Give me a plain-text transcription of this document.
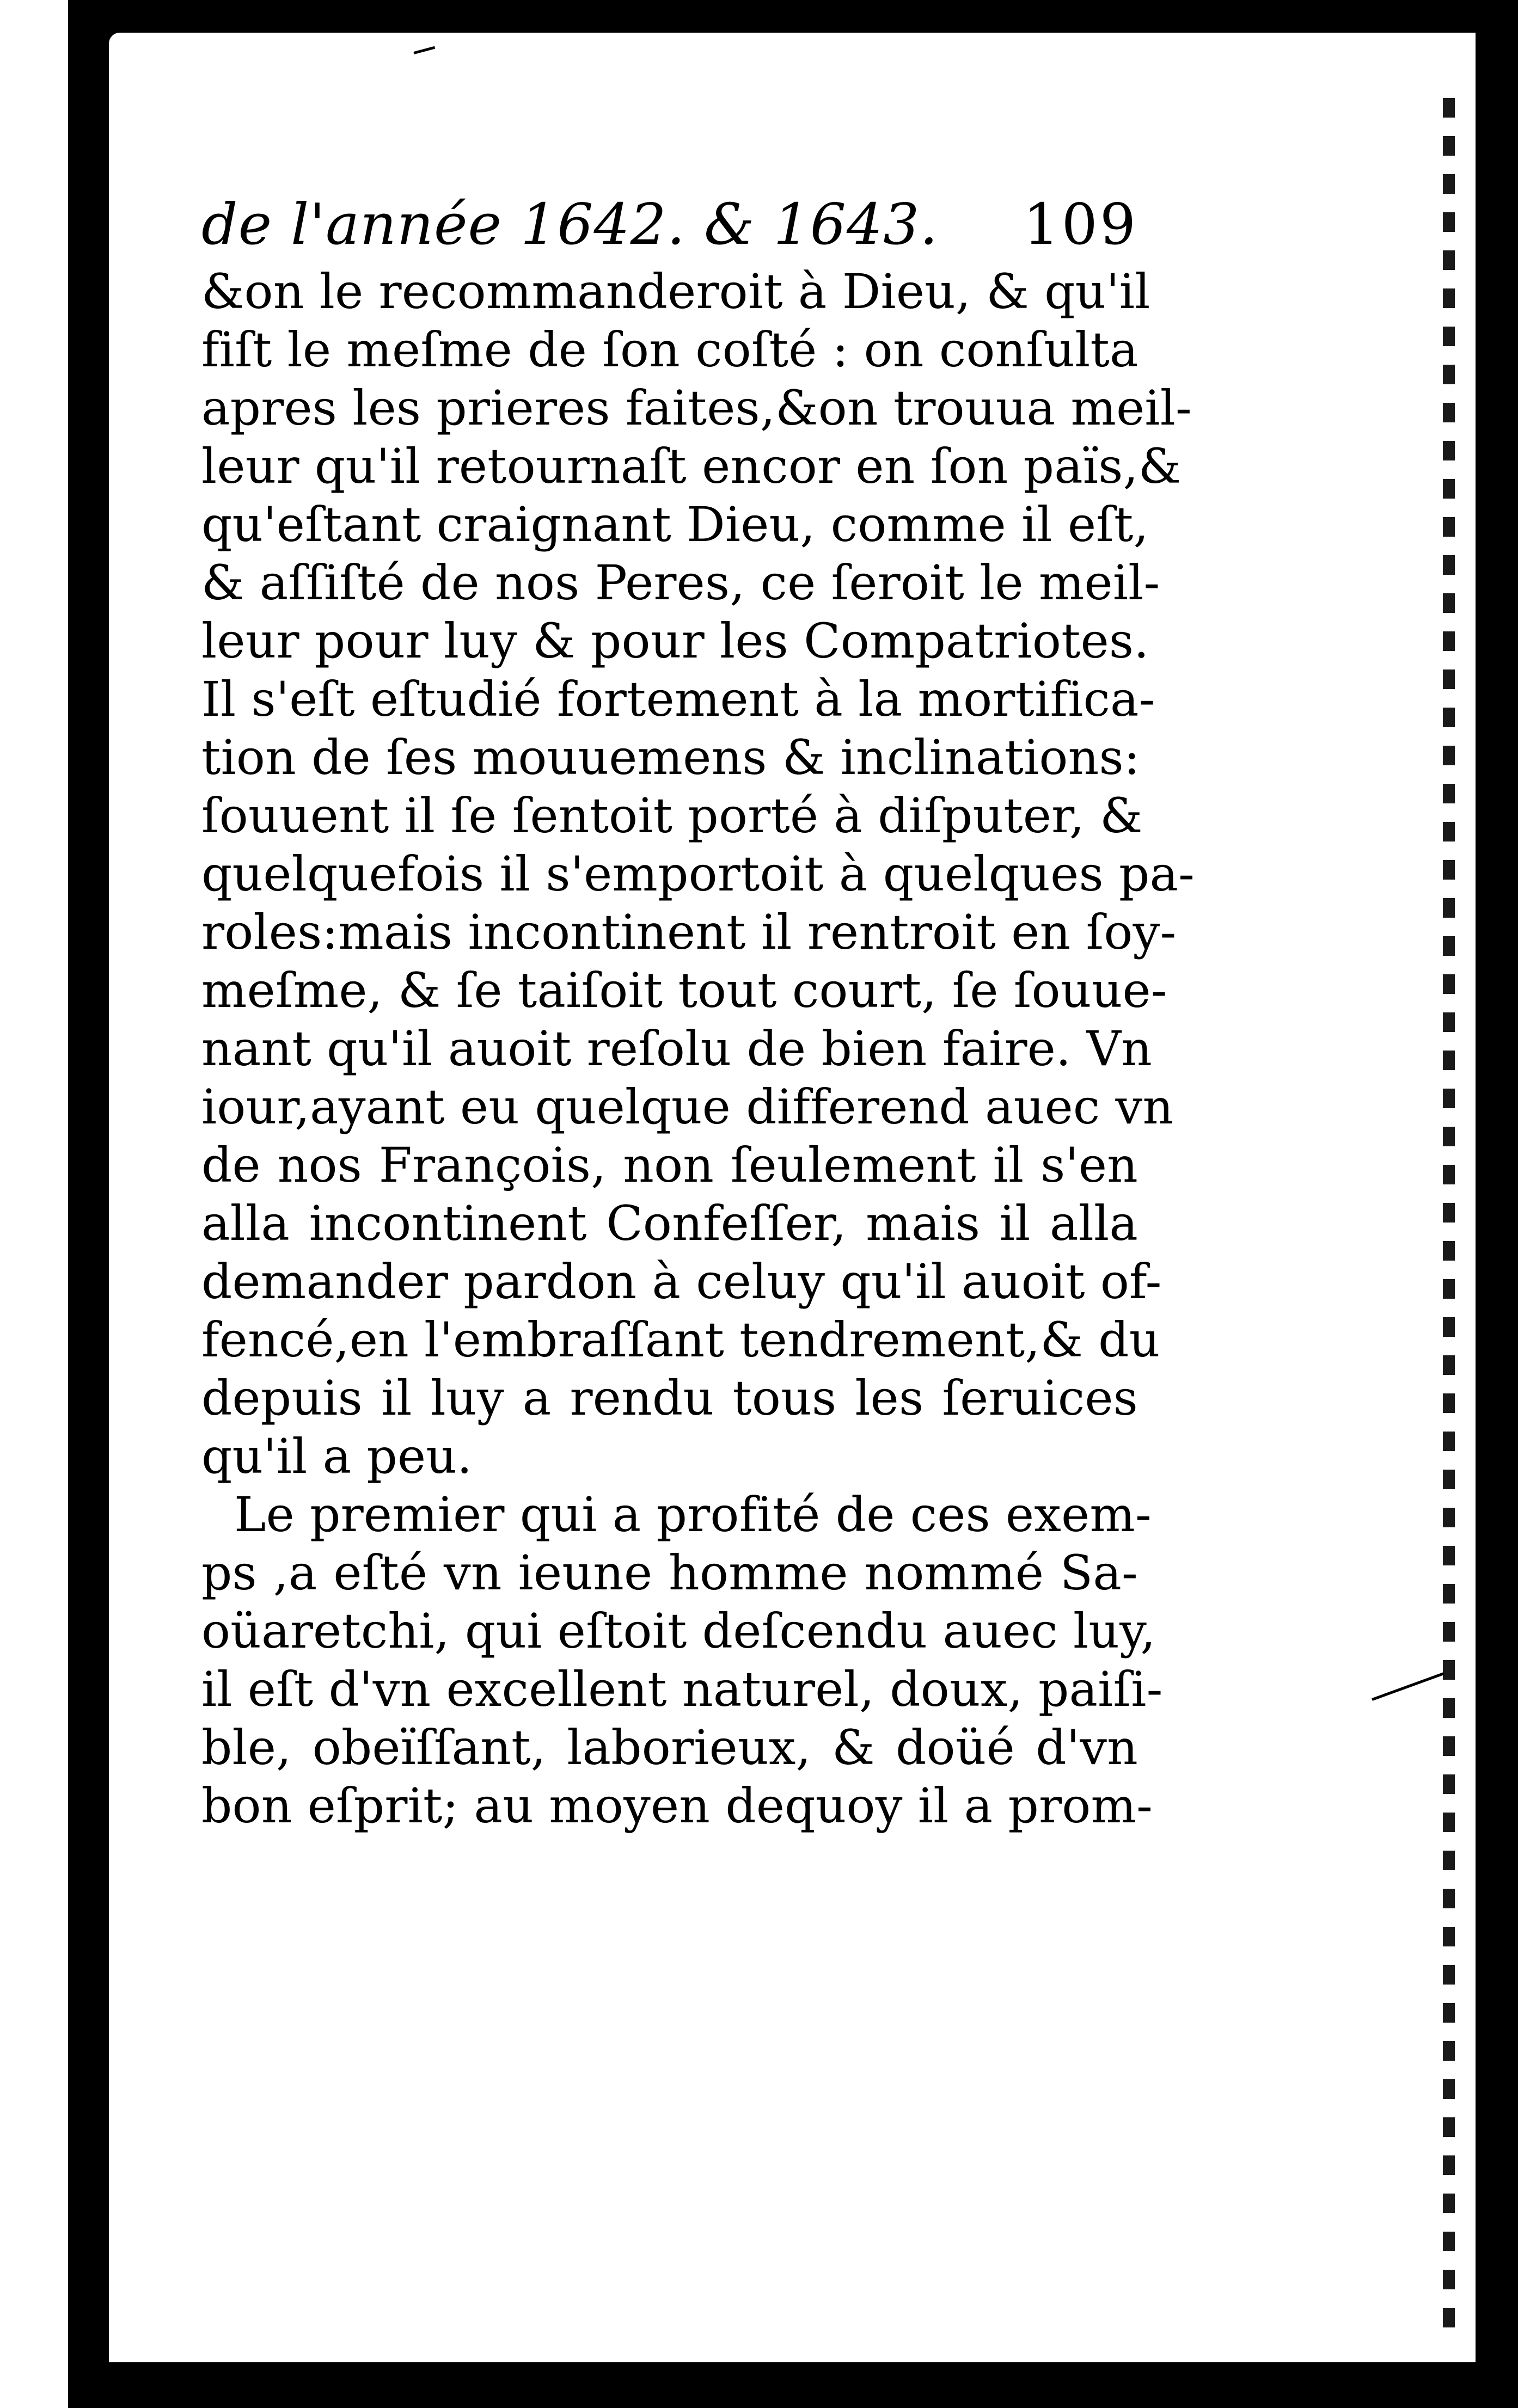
de l'année 1642. & 1643. 109
&on le recommanderoit à Dieu, & qu'il
fiſt le meſme de ſon coſté : on conſulta
apres les prieres faites,&on trouua meil-
leur qu'il retournaſt encor en ſon païs,&
qu'eſtant craignant Dieu, comme il eſt,
& aſſiſté de nos Peres, ce ſeroit le meil-
leur pour luy & pour les Compatriotes.
Il s'eſt eſtudié fortement à la mortifica-
tion de ſes mouuemens & inclinations:
ſouuent il ſe ſentoit porté à diſputer, &
quelquefois il s'emportoit à quelques pa-
roles:mais incontinent il rentroit en ſoy-
meſme, & ſe taiſoit tout court, ſe ſouue-
nant qu'il auoit reſolu de bien faire. Vn
iour,ayant eu quelque differend auec vn
de nos François, non ſeulement il s'en
alla incontinent Confeſſer, mais il alla
demander pardon à celuy qu'il auoit of-
fencé,en l'embraſſant tendrement,& du
depuis il luy a rendu tous les ſeruices
qu'il a peu.
Le premier qui a profité de ces exem-
ps ,a eſté vn ieune homme nommé Sa-
oüaretchi, qui eſtoit deſcendu auec luy,
il eſt d'vn excellent naturel, doux, paiſi-
ble, obeïſſant, laborieux, & doüé d'vn
bon eſprit; au moyen dequoy il a prom-
